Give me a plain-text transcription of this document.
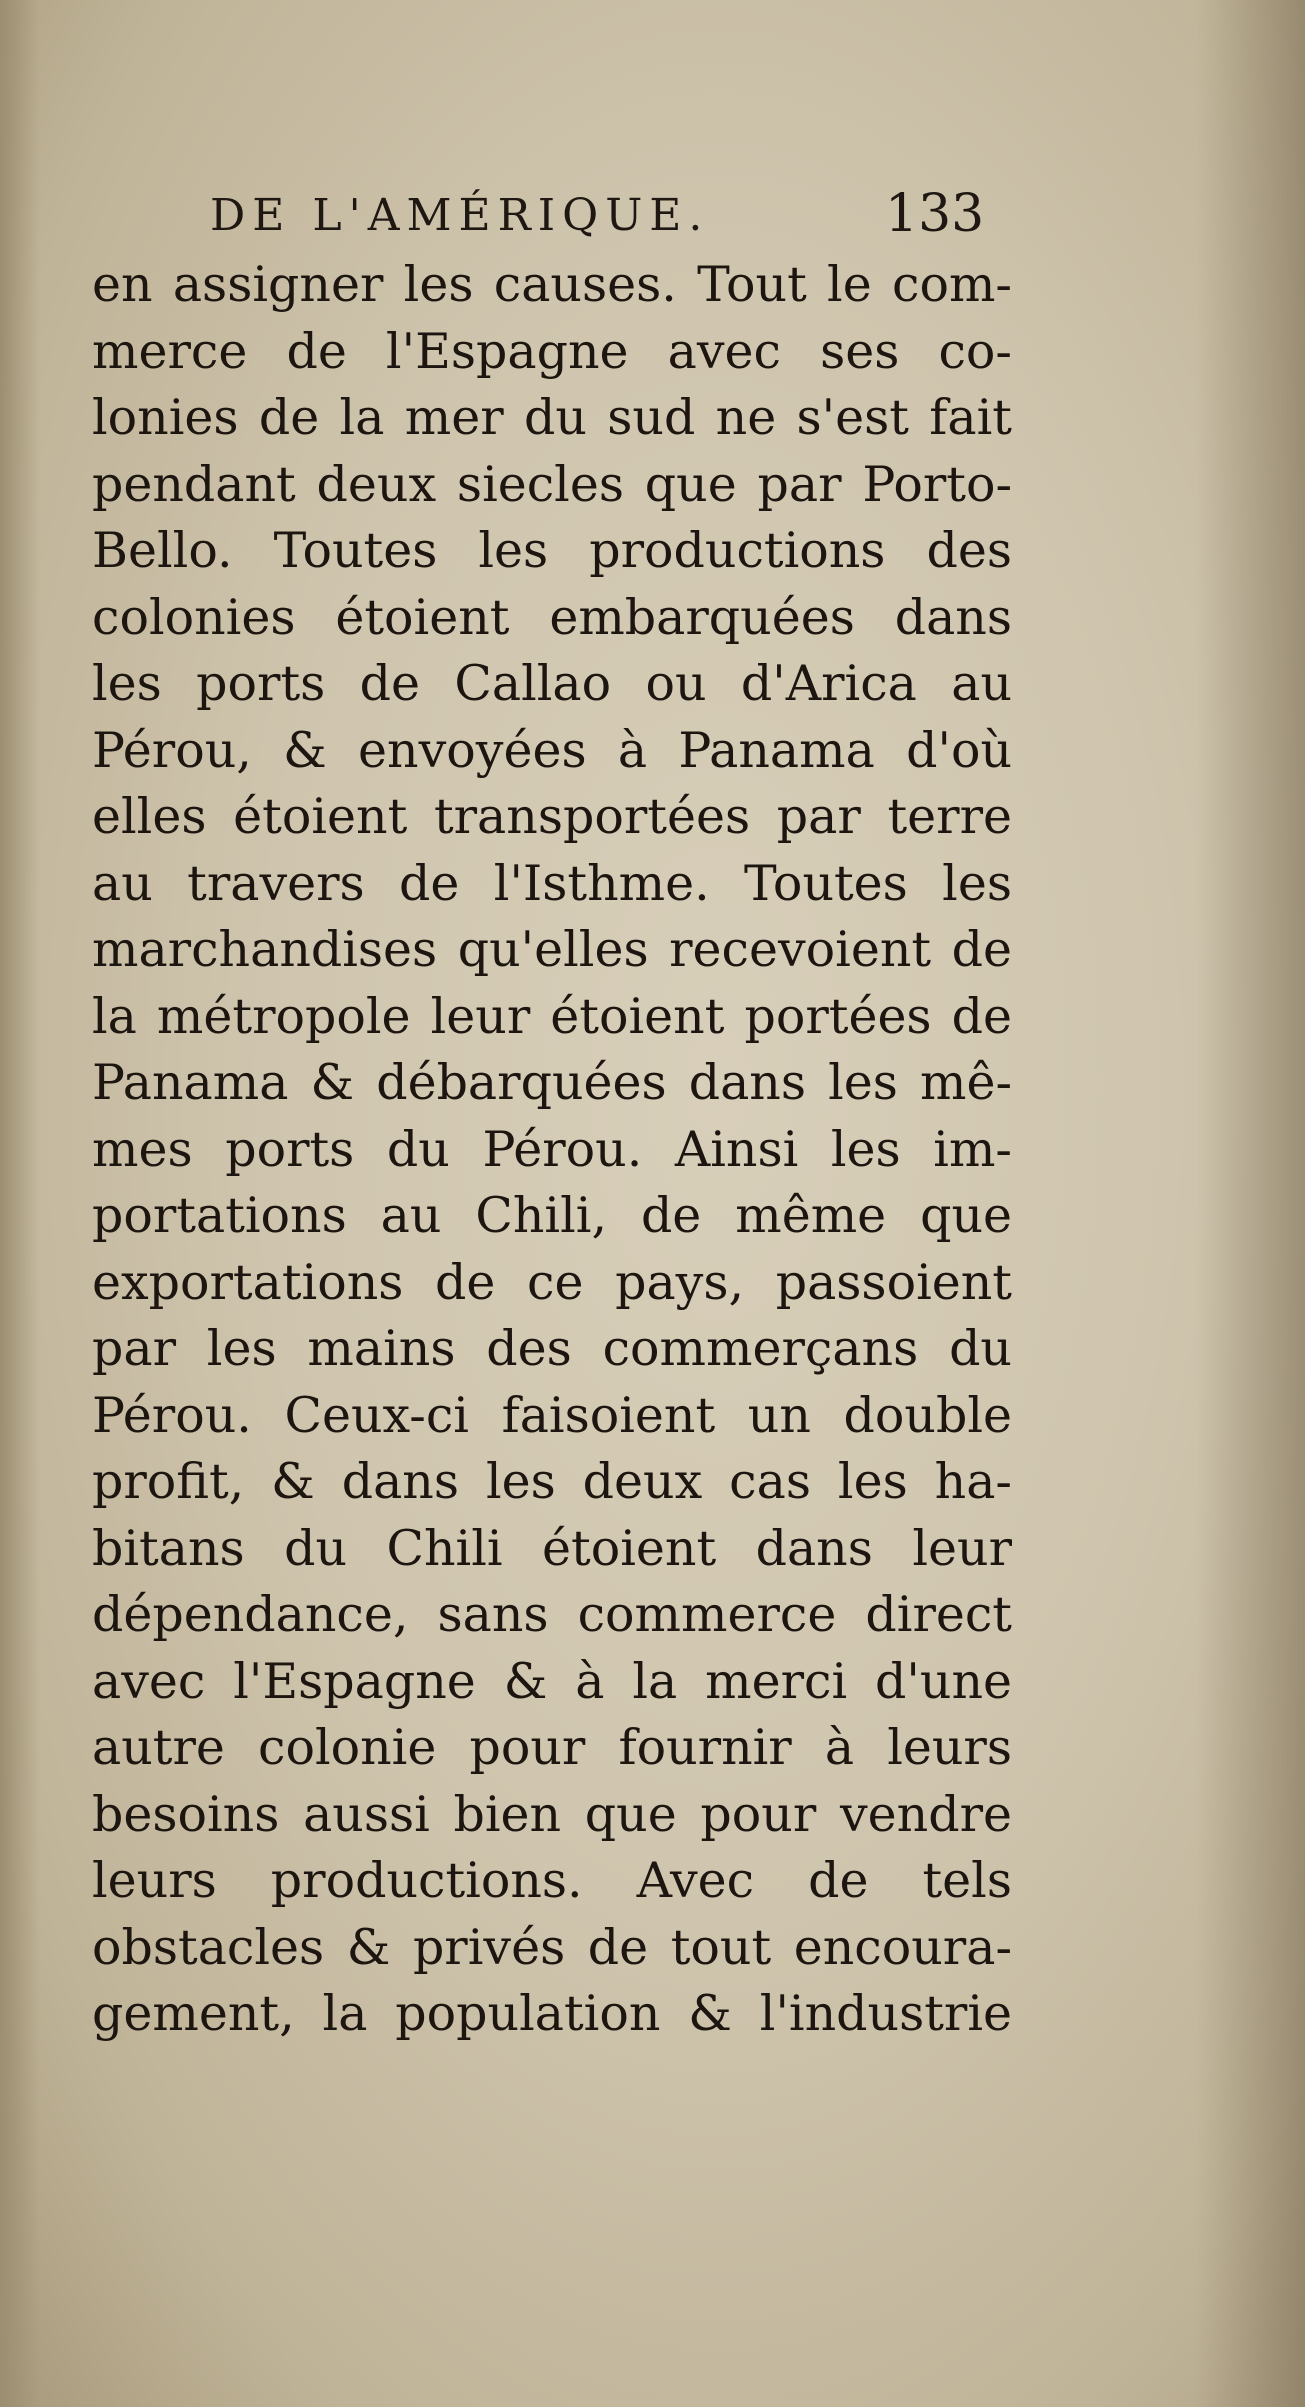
DE L'AMÉRIQUE.	133
en assigner les causes. Tout le com-
merce de l'Espagne avec ses co-
lonies de la mer du sud ne s'est fait
pendant deux siecles que par Porto-
Bello. Toutes les productions des
colonies étoient embarquées dans
les ports de Callao ou d'Arica au
Pérou, & envoyées à Panama d'où
elles étoient transportées par terre
au travers de l'Isthme. Toutes les
marchandises qu'elles recevoient de
la métropole leur étoient portées de
Panama & débarquées dans les mê-
mes ports du Pérou. Ainsi les im-
portations au Chili, de même que
exportations de ce pays, passoient
par les mains des commerçans du
Pérou. Ceux-ci faisoient un double
profit, & dans les deux cas les ha-
bitans du Chili étoient dans leur
dépendance, sans commerce direct
avec l'Espagne & à la merci d'une
autre colonie pour fournir à leurs
besoins aussi bien que pour vendre
leurs productions. Avec de tels
obstacles & privés de tout encoura-
gement, la population & l'industrie
